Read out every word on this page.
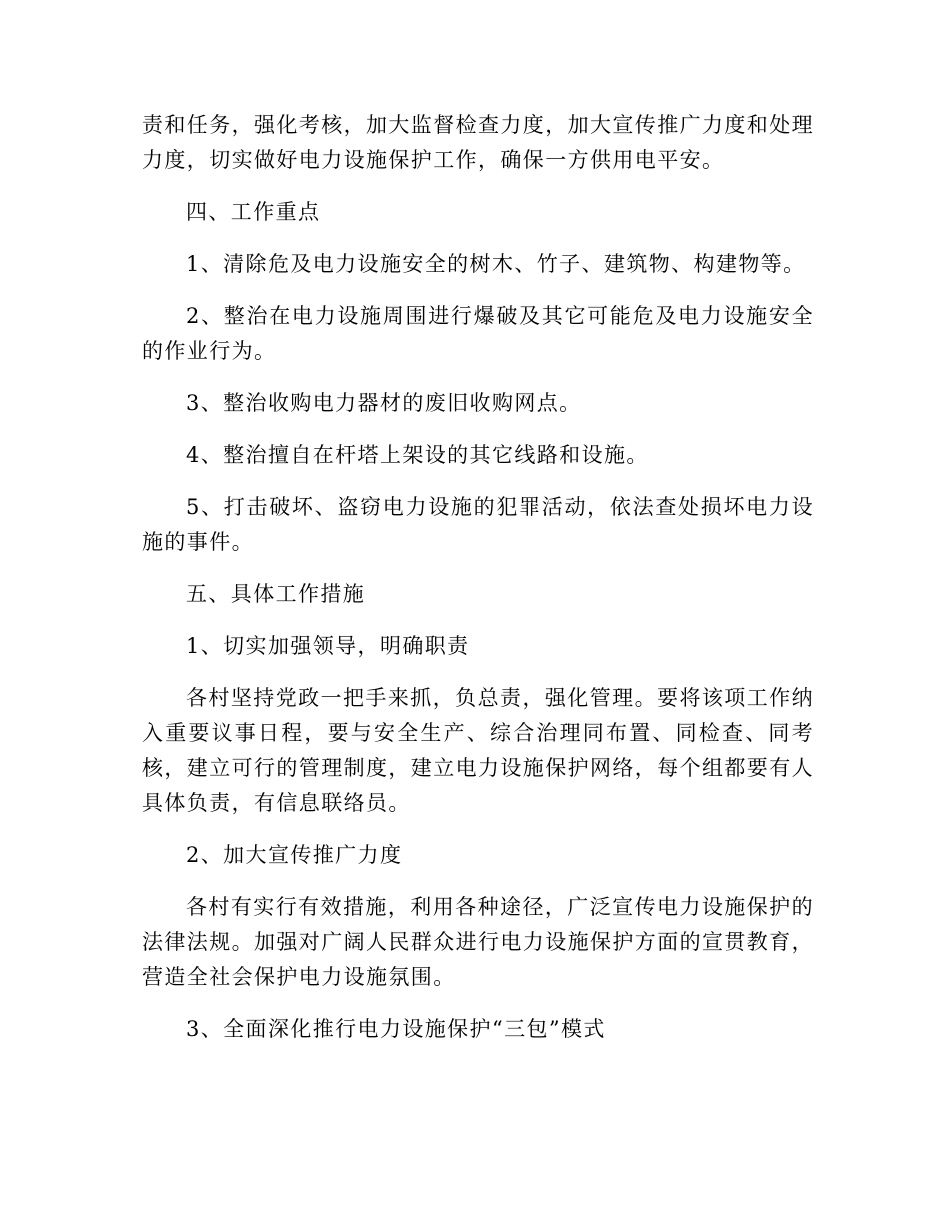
责和任务，强化考核，加大监督检查力度，加大宣传推广力度和处理力度，切实做好电力设施保护工作，确保一方供用电平安。

四、工作重点

1、清除危及电力设施安全的树木、竹子、建筑物、构建物等。

2、整治在电力设施周围进行爆破及其它可能危及电力设施安全的作业行为。

3、整治收购电力器材的废旧收购网点。

4、整治擅自在杆塔上架设的其它线路和设施。

5、打击破坏、盗窃电力设施的犯罪活动，依法查处损坏电力设施的事件。

五、具体工作措施

1、切实加强领导，明确职责

各村坚持党政一把手来抓，负总责，强化管理。要将该项工作纳入重要议事日程，要与安全生产、综合治理同布置、同检查、同考核，建立可行的管理制度，建立电力设施保护网络，每个组都要有人具体负责，有信息联络员。

2、加大宣传推广力度

各村有实行有效措施，利用各种途径，广泛宣传电力设施保护的法律法规。加强对广阔人民群众进行电力设施保护方面的宣贯教育，营造全社会保护电力设施氛围。

3、全面深化推行电力设施保护“三包”模式
